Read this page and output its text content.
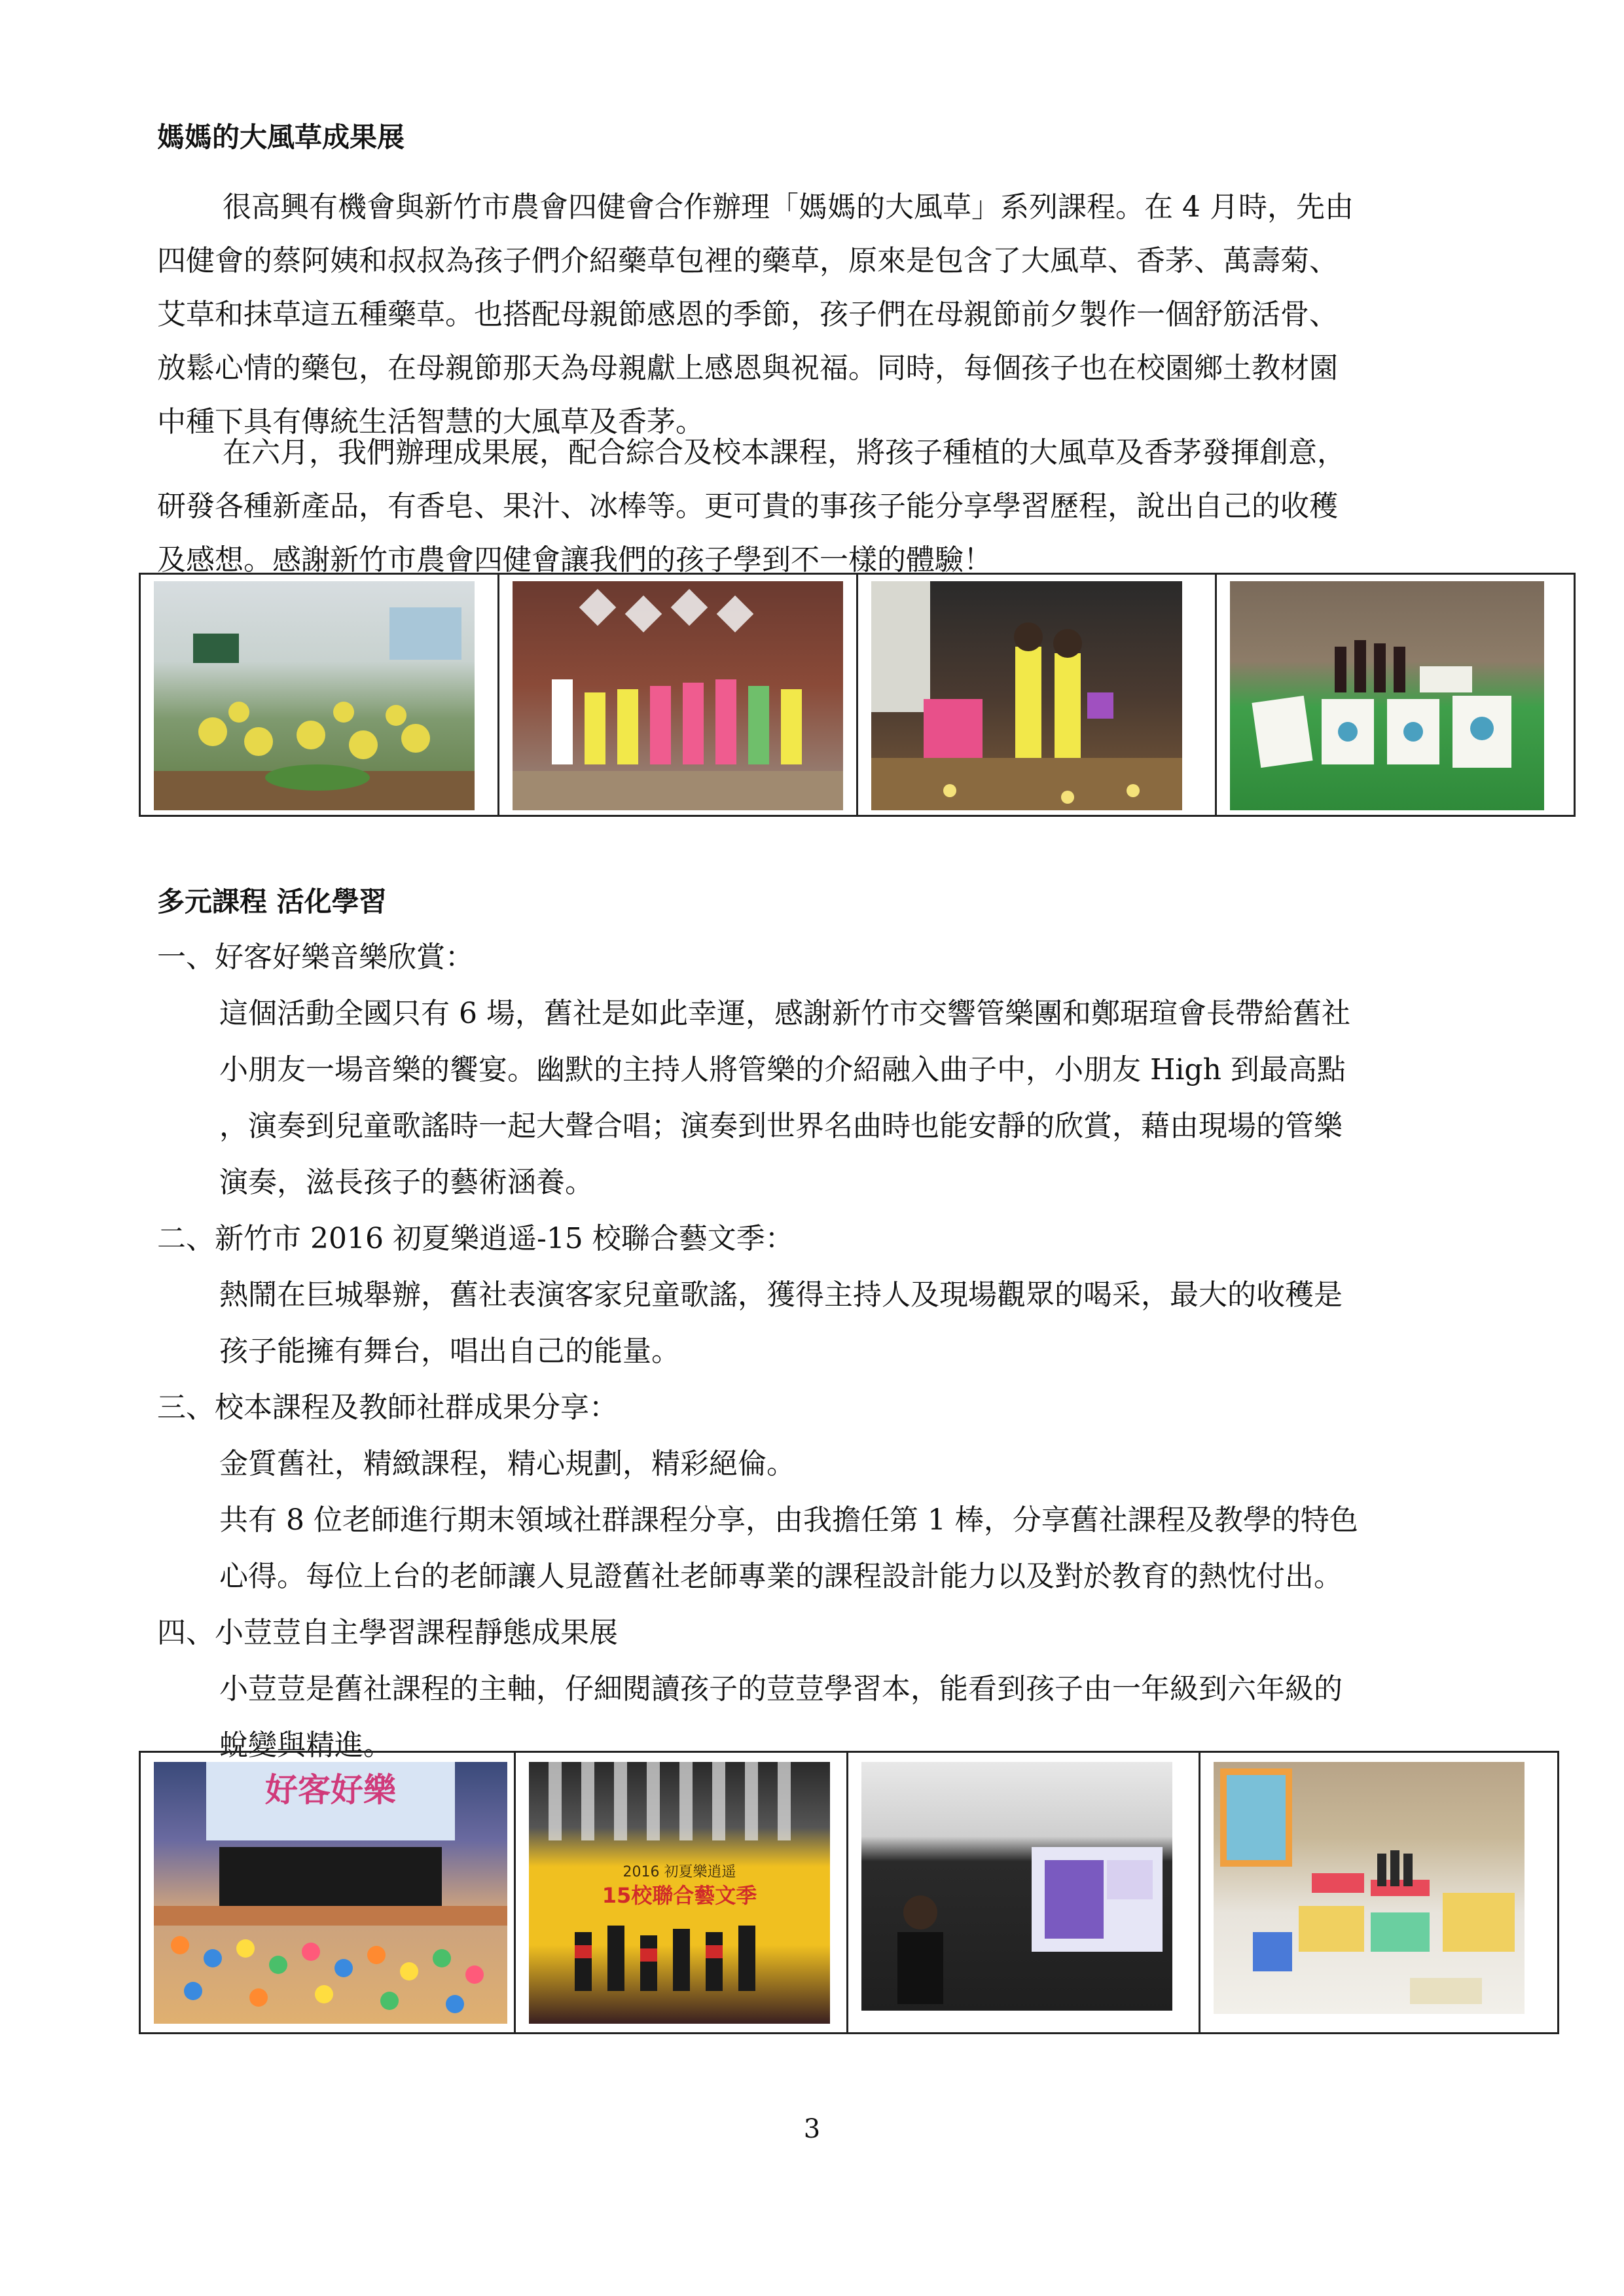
媽媽的大風草成果展
很高興有機會與新竹市農會四健會合作辦理「媽媽的大風草」系列課程。在 4 月時，先由
四健會的蔡阿姨和叔叔為孩子們介紹藥草包裡的藥草，原來是包含了大風草、香茅、萬壽菊、
艾草和抹草這五種藥草。也搭配母親節感恩的季節，孩子們在母親節前夕製作一個舒筋活骨、
放鬆心情的藥包，在母親節那天為母親獻上感恩與祝福。同時，每個孩子也在校園鄉土教材園
中種下具有傳統生活智慧的大風草及香茅。
在六月，我們辦理成果展，配合綜合及校本課程，將孩子種植的大風草及香茅發揮創意，
研發各種新產品，有香皂、果汁、冰棒等。更可貴的事孩子能分享學習歷程，說出自己的收穫
及感想。感謝新竹市農會四健會讓我們的孩子學到不一樣的體驗！

多元課程 活化學習
一、好客好樂音樂欣賞：
這個活動全國只有 6 場，舊社是如此幸運，感謝新竹市交響管樂團和鄭琚瑄會長帶給舊社
小朋友一場音樂的饗宴。幽默的主持人將管樂的介紹融入曲子中，小朋友 High 到最高點
，演奏到兒童歌謠時一起大聲合唱；演奏到世界名曲時也能安靜的欣賞，藉由現場的管樂
演奏，滋長孩子的藝術涵養。
二、新竹市 2016 初夏樂逍遥-15 校聯合藝文季：
熱鬧在巨城舉辦，舊社表演客家兒童歌謠，獲得主持人及現場觀眾的喝采，最大的收穫是
孩子能擁有舞台，唱出自己的能量。
三、校本課程及教師社群成果分享：
金質舊社，精緻課程，精心規劃，精彩絕倫。
共有 8 位老師進行期末領域社群課程分享，由我擔任第 1 棒，分享舊社課程及教學的特色
心得。每位上台的老師讓人見證舊社老師專業的課程設計能力以及對於教育的熱忱付出。
四、小荳荳自主學習課程靜態成果展
小荳荳是舊社課程的主軸，仔細閱讀孩子的荳荳學習本，能看到孩子由一年級到六年級的
蛻變與精進。
好客好樂

2016 初夏樂逍遥
15校聯合藝文季

3
